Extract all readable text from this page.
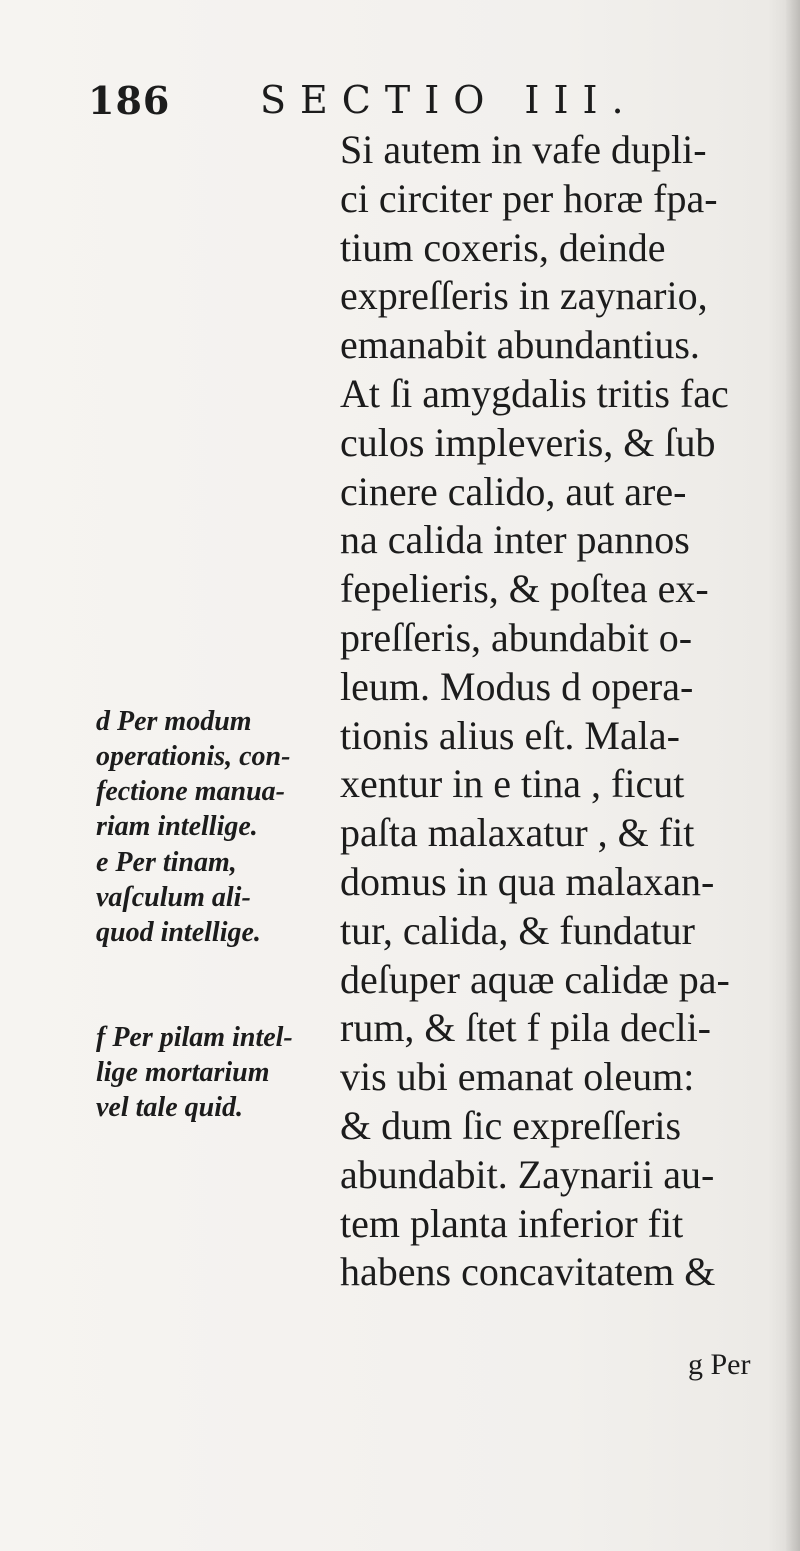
186 SECTIO III.
Si autem in vafe dupli-
ci circiter per horæ fpa-
tium coxeris, deinde
expreſſeris in zaynario,
emanabit abundantius.
At ſi amygdalis tritis fac
culos impleveris, & ſub
cinere calido, aut are-
na calida inter pannos
fepelieris, & poſtea ex-
preſſeris, abundabit o-
leum. Modus d opera-
tionis alius eſt. Mala-
xentur in e tina , ficut
paſta malaxatur , & fit
domus in qua malaxan-
tur, calida, & fundatur
deſuper aquæ calidæ pa-
rum, & ſtet f pila decli-
vis ubi emanat oleum:
& dum ſic expreſſeris
abundabit. Zaynarii au-
tem planta inferior fit
habens concavitatem &
d Per modum
operationis, con-
fectione manua-
riam intellige.
e Per tinam,
vaſculum ali-
quod intellige.
f Per pilam intel-
lige mortarium
vel tale quid.
g Per
